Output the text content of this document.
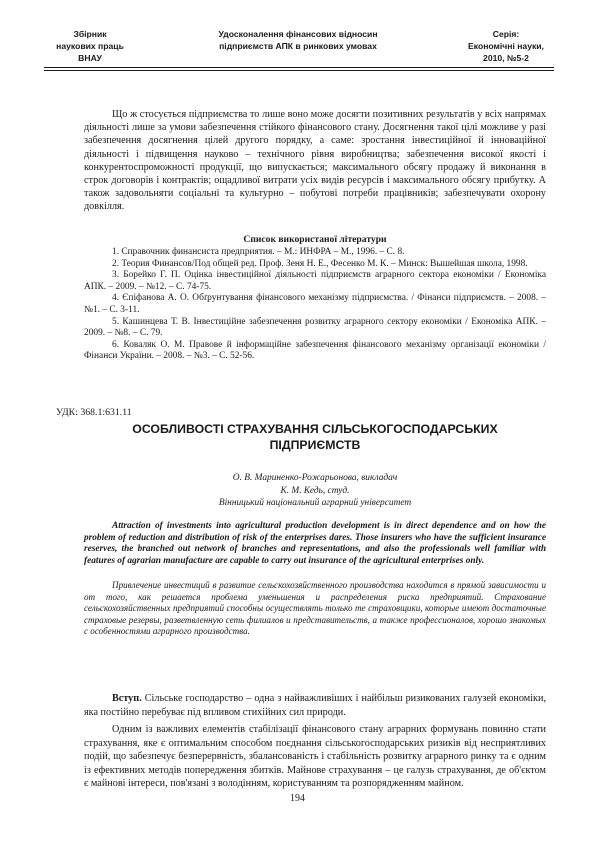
Збірник
наукових праць
ВНАУ
Удосконалення фінансових відносин
підприємств АПК в ринкових умовах
Серія:
Економічні науки,
2010, №5-2

Що ж стосується підприємства то лише воно може досягти позитивних результатів у всіх напрямах діяльності лише за умови забезпечення стійкого фінансового стану. Досягнення такої цілі можливе у разі забезпечення досягнення цілей другого порядку, а саме: зростання інвестиційної й інноваційної діяльності і підвищення науково – технічного рівня виробництва; забезпечення високої якості і конкурентоспроможності продукції, що випускається; максимального обсягу продажу й виконання в строк договорів і контрактів; ощадливої витрати усіх видів ресурсів і максимального обсягу прибутку. А також задовольняти соціальні та культурно – побутові потреби працівників; забезпечувати охорону довкілля.

Список використаної літератури

1. Справочник финансиста предприятия. – М.: ИНФРА – М., 1996. – С. 8.

2. Теория Финансов/Под общей ред. Проф. Зеня Н. Е., Фесенко М. К. – Минск: Вышейшая школа, 1998.

3. Борейко Г. П. Оцінка інвестиційної діяльності підприємств аграрного сектора економіки / Економіка АПК. – 2009. – №12. – С. 74-75.

4. Єпіфанова А. О. Обґрунтування фінансового механізму підприємства. / Фінанси підприємств. – 2008. – №1. – С. 3-11.

5. Кашинцева Т. В. Інвестиційне забезпечення розвитку аграрного сектору економіки / Економіка АПК. – 2009. – №8. – С. 79.

6. Коваляк О. М. Правове й інформаційне забезпечення фінансового механізму організації економіки / Фінанси України. – 2008. – №3. – С. 52-56.

УДК: 368.1:631.11
ОСОБЛИВОСТІ СТРАХУВАННЯ СІЛЬСЬКОГОСПОДАРСЬКИХ
ПІДПРИЄМСТВ
О. В. Мариненко-Рожарьонова, викладач
К. М. Кедь, студ.
Вінницький національний аграрний університет

Attraction of investments into agricultural production development is in direct dependence and on how the problem of reduction and distribution of risk of the enterprises dares. Those insurers who have the sufficient insurance reserves, the branched out network of branches and representations, and also the professionals well familiar with features of agrarian manufacture are capable to carry out insurance of the agricultural enterprises only.

Привлечение инвестиций в развитие сельскохозяйственного производства находится в прямой зависимости и от того, как решается проблема уменьшения и распределения риска предприятий. Страхование сельскохозяйственных предприятий способны осуществлять только те страховщики, которые имеют достаточные страховые резервы, разветвленную сеть филиалов и представительств, а также профессионалов, хорошо знакомых с особенностями аграрного производства.

Вступ. Сільське господарство – одна з найважливіших і найбільш ризикованих галузей економіки, яка постійно перебуває під впливом стихійних сил природи.

Одним із важливих елементів стабілізації фінансового стану аграрних формувань повинно стати страхування, яке є оптимальним способом поєднання сільськогосподарських ризиків від несприятливих подій, що забезпечує безперервність, збалансованість і стабільність розвитку аграрного ринку та є одним із ефективних методів попередження збитків. Майнове страхування – це галузь страхування, де об'єктом є майнові інтереси, пов'язані з володінням, користуванням та розпорядженням майном.

194
